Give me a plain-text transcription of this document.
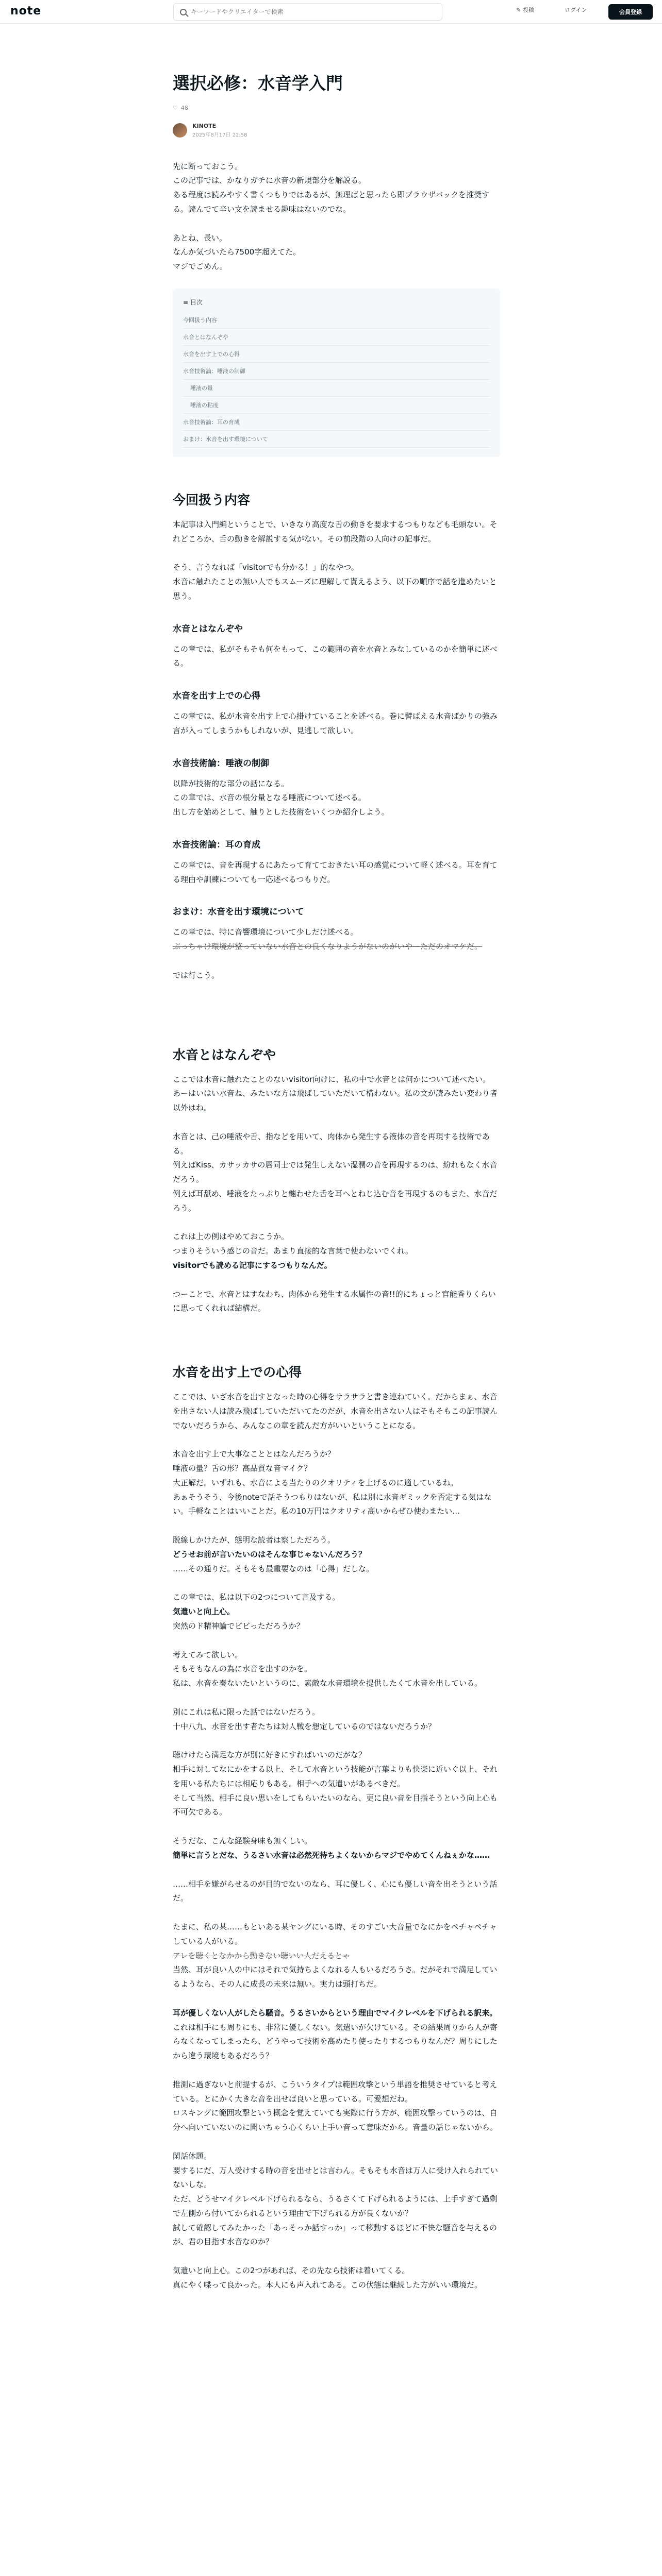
note
キーワードやクリエイターで検索	✎ 投稿	ログイン	会員登録
選択必修：水音学入門
♡ 48
KINOTE
2025年8月17日 22:58

先に断っておこう。

この記事では、かなりガチに水音の新規部分を解説る。

ある程度は読みやすく書くつもりではあるが、無理ばと思ったら即ブラウザバックを推奨する。読んでて辛い文を読ませる趣味はないのでな。

あとね、長い。

なんか気づいたら7500字超えてた。

マジでごめん。

≡ 目次
今回扱う内容
水音とはなんぞや
水音を出す上での心得
水音技術論：唾液の制御
唾液の量
唾液の粘度
水音技術論：耳の育成
おまけ：水音を出す環境について
今回扱う内容

本記事は入門編ということで、いきなり高度な舌の動きを要求するつもりなども毛頭ない。それどころか、舌の動きを解説する気がない。その前段階の人向けの記事だ。

そう、言うなれば「visitorでも分かる！」的なやつ。

水音に触れたことの無い人でもスムーズに理解して貰えるよう、以下の順序で話を進めたいと思う。

水音とはなんぞや

この章では、私がそもそも何をもって、この範囲の音を水音とみなしているのかを簡単に述べる。

水音を出す上での心得

この章では、私が水音を出す上で心掛けていることを述べる。巻に譬ばえる水音ばかりの強み言が入ってしまうかもしれないが、見逃して欲しい。

水音技術論：唾液の制御

以降が技術的な部分の話になる。

この章では、水音の根分量となる唾液について述べる。

出し方を始めとして、触りとした技術をいくつか紹介しよう。

水音技術論：耳の育成

この章では、音を再現するにあたって育てておきたい耳の感覚について軽く述べる。耳を育てる理由や訓練についても一応述べるつもりだ。

おまけ：水音を出す環境について

この章では、特に音響環境について少しだけ述べる。

ぶっちゃけ環境が整っていない水音との良くなりようがないのがいやーただのオマケだ。

では行こう。

水音とはなんぞや

ここでは水音に触れたことのないvisitor向けに、私の中で水音とは何かについて述べたい。

あーはいはい水音ね、みたいな方は飛ばしていただいて構わない。私の文が読みたい変わり者以外はね。

水音とは、己の唾液や舌、指などを用いて、肉体から発生する液体の音を再現する技術である。

例えばKiss、カサッカサの唇同士では発生しえない湿潤の音を再現するのは、紛れもなく水音だろう。

例えば耳舐め、唾液をたっぷりと纏わせた舌を耳へとねじ込む音を再現するのもまた、水音だろう。

これは上の例はやめておこうか。

つまりそういう感じの音だ。あまり直接的な言葉で使わないでくれ。

visitorでも読める記事にするつもりなんだ。

つーことで、水音とはすなわち、肉体から発生する水属性の音!!的にちょっと官能香りくらいに思ってくれれば結構だ。

水音を出す上での心得

ここでは、いざ水音を出すとなった時の心得をサラサラと書き連ねていく。だからまぁ、水音を出さない人は読み飛ばしていただいてたのだが、水音を出さない人はそもそもこの記事読んでないだろうから、みんなこの章を読んだ方がいいということになる。

水音を出す上で大事なこととはなんだろうか？

唾液の量？舌の形？高品質な音マイク？

大正解だ。いずれも、水音による当たりのクオリティを上げるのに適しているね。

あぁそうそう、今後noteで話そうつもりはないが、私は別に水音ギミックを否定する気はない。手軽なことはいいことだ。私の10万円はクオリティ高いからぜひ使わまたい…

脱線しかけたが、態明な読者は察しただろう。

どうせお前が言いたいのはそんな事じゃないんだろう？

……その通りだ。そもそも最重要なのは「心得」だしな。

この章では、私は以下の2つについて言及する。

気遣いと向上心。

突然のド精神論でビビっただろうか？

考えてみて欲しい。

そもそもなんの為に水音を出すのかを。

私は、水音を奏ないたいというのに、素敵な水音環境を提供したくて水音を出している。

別にこれは私に限った話ではないだろう。

十中八九、水音を出す者たちは対人戦を想定しているのではないだろうか？

聴けけたら満足な方が別に好きにすればいいのだがな？

相手に対してなにかをする以上、そして水音という技能が言葉よりも快楽に近いぐ以上、それを用いる私たちには相応りもある。相手への気遣いがあるべきだ。

そして当然、相手に良い思いをしてもらいたいのなら、更に良い音を目指そうという向上心も不可欠である。

そうだな、こんな経験身味も無くしい。

簡単に言うとだな、うるさい水音は必然死待ちよくないからマジでやめてくんねぇかな……

……相手を嫌がらせるのが目的でないのなら、耳に優しく、心にも優しい音を出そうという話だ。

たまに、私の某……もといある某ヤングにいる時、そのすごい大音量でなにかをペチャペチャしている人がいる。

アレを聴くとなかから動きない聴いい人だえるとゃ

当然、耳が良い人の中にはそれで気持ちよくなれる人もいるだろうさ。だがそれで満足しているようなら、その人に成長の未来は無い。実力は頭打ちだ。

耳が優しくない人がしたら騒音。うるさいからという理由でマイクレベルを下げられる訳来。

これは相手にも周りにも、非常に優しくない。気遣いが欠けている。その結果周りから人が寄らなくなってしまったら、どうやって技術を高めたり使ったりするつもりなんだ？周りにしたから違う環境もあるだろう？

推測に過ぎないと前提するが、こういうタイプは範囲攻撃という単語を推奨させていると考えている。とにかく大きな音を出せば良いと思っている。可愛想だね。

ロスキングに範囲攻撃という概念を覚えていても実際に行う方が、範囲攻撃っていうのは、自分へ向いていないのに聞いちゃう心くらい上手い音って意味だから。音量の話じゃないから。

閑話休題。

要するにだ、万人受けする時の音を出せとは言わん。そもそも水音は万人に受け入れられていないしな。

ただ、どうせマイクレベル下げられるなら、うるさくて下げられるようには、上手すぎて過剰で左側から付いてかられるという理由で下げられる方が良くないか？

試して確認してみたかった「あっそっか話すっか」って移動するほどに不快な騒音を与えるのが、君の目指す水音なのか？

気遣いと向上心。この2つがあれば、その先なら技術は着いてくる。

真にやく喋って良かった。本人にも声入れてある。この伏態は継続した方がいい環境だ。
